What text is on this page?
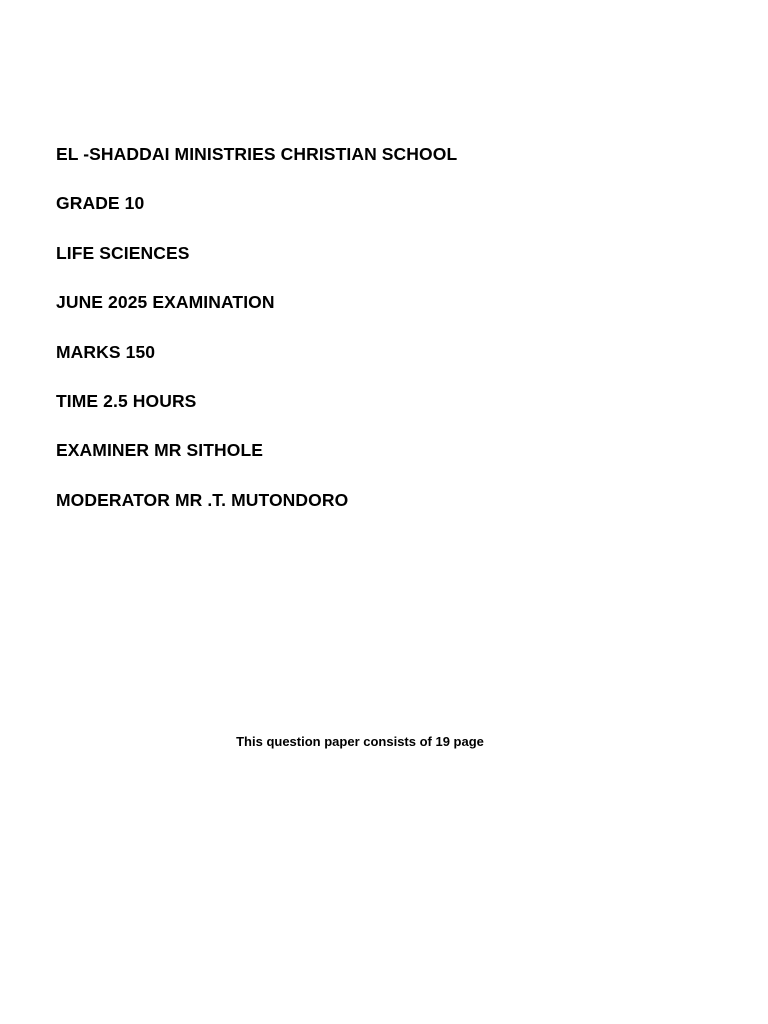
EL -SHADDAI MINISTRIES CHRISTIAN SCHOOL
GRADE 10
LIFE SCIENCES
JUNE 2025 EXAMINATION
MARKS 150
TIME 2.5 HOURS
EXAMINER MR SITHOLE
MODERATOR MR .T. MUTONDORO
This question paper consists of 19 page
